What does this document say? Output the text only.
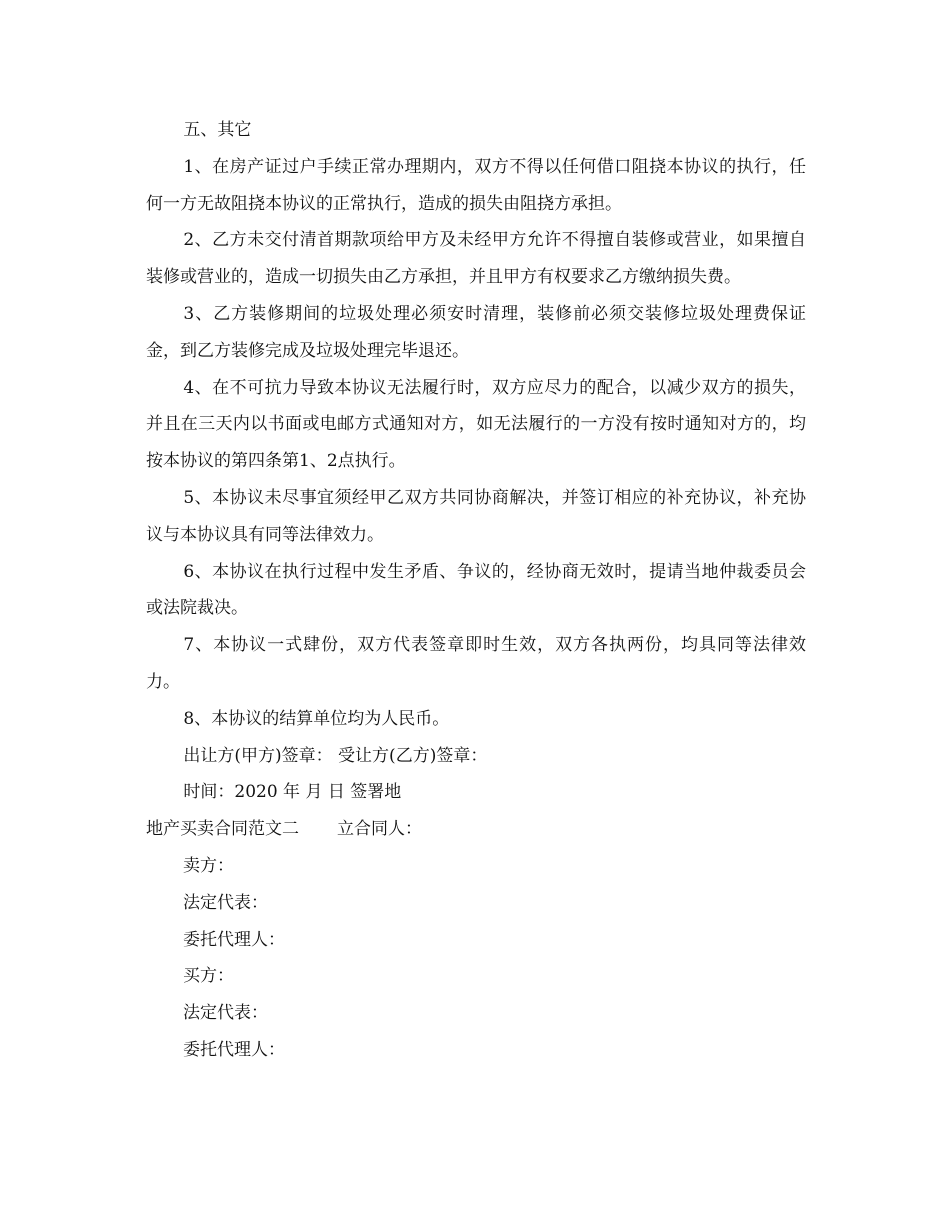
五、其它

1、在房产证过户手续正常办理期内，双方不得以任何借口阻挠本协议的执行，任何一方无故阻挠本协议的正常执行，造成的损失由阻挠方承担。

2、乙方未交付清首期款项给甲方及未经甲方允许不得擅自装修或营业，如果擅自装修或营业的，造成一切损失由乙方承担，并且甲方有权要求乙方缴纳损失费。

3、乙方装修期间的垃圾处理必须安时清理，装修前必须交装修垃圾处理费保证金，到乙方装修完成及垃圾处理完毕退还。

4、在不可抗力导致本协议无法履行时，双方应尽力的配合，以减少双方的损失，并且在三天内以书面或电邮方式通知对方，如无法履行的一方没有按时通知对方的，均按本协议的第四条第1、2点执行。

5、本协议未尽事宜须经甲乙双方共同协商解决，并签订相应的补充协议，补充协议与本协议具有同等法律效力。

6、本协议在执行过程中发生矛盾、争议的，经协商无效时，提请当地仲裁委员会或法院裁决。

7、本协议一式肆份，双方代表签章即时生效，双方各执两份，均具同等法律效力。

8、本协议的结算单位均为人民币。

出让方(甲方)签章： 受让方(乙方)签章：

时间：2020 年 月 日 签署地

地产买卖合同范文二 立合同人：

卖方：

法定代表：

委托代理人：

买方：

法定代表：

委托代理人：
